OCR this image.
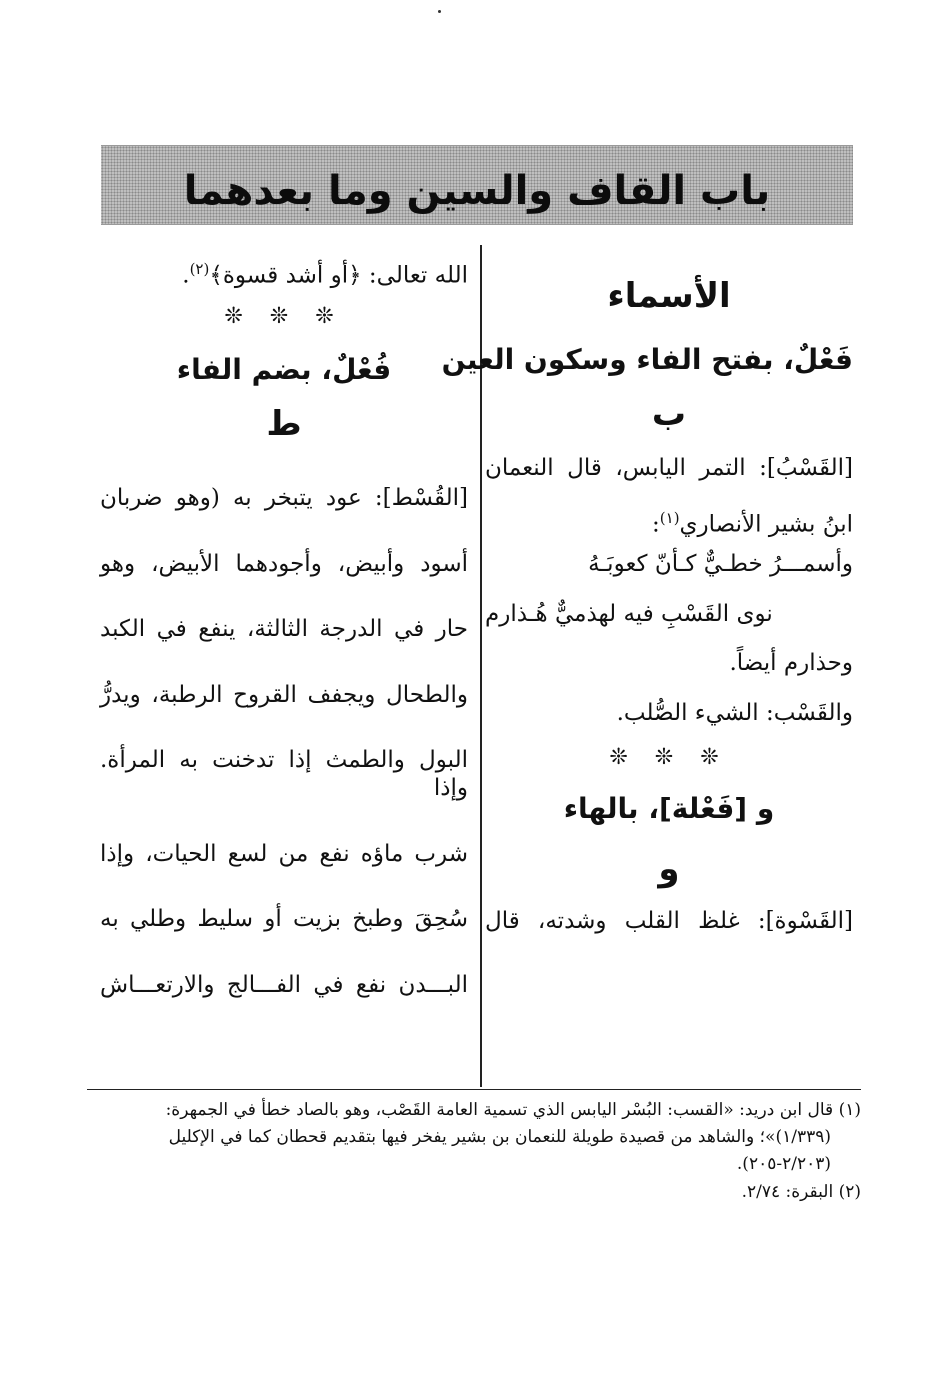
باب القاف والسين وما بعدهما
الأسماء
فَعْلٌ، بفتح الفاء وسكون العين
ب
[القَسْبُ]: التمر اليابس، قال النعمان
ابنُ بشير الأنصاري$^{(١)}$:
وأسمـــرُ خطـيٌّ كـأنّ كعوبَـهُ
نوى القَسْبِ فيه لهذميٌّ هُـذارم
وحذارم أيضاً.
والقَسْب: الشيء الصُّلب.
❊ ❊ ❊
و [فَعْلة]، بالهاء
و
[القَسْوة]: غلظ القلب وشدته، قال
الله تعالى: ﴿أو أشد قسوة﴾$^{(٢)}$.
❊ ❊ ❊
فُعْلٌ، بضم الفاء
ط
[القُسْط]: عود يتبخر به (وهو ضربان
أسود وأبيض، وأجودهما الأبيض، وهو
حار في الدرجة الثالثة، ينفع في الكبد
والطحال ويجفف القروح الرطبة، ويدرُّ
البول والطمث إذا تدخنت به المرأة. وإذا
شرب ماؤه نفع من لسع الحيات، وإذا
سُحِقَ وطبخ بزيت أو سليط وطلي به
البـــدن نفع في الفـــالج والارتعـــاش
(١) قال ابن دريد: «القسب: البُسْر اليابس الذي تسمية العامة القَصْب، وهو بالصاد خطأ في الجمهرة:
(١/٣٣٩)»؛ والشاهد من قصيدة طويلة للنعمان بن بشير يفخر فيها بتقديم قحطان كما في الإكليل
(٢/٢٠٣-٢٠٥).
(٢) البقرة: ٢/٧٤.
